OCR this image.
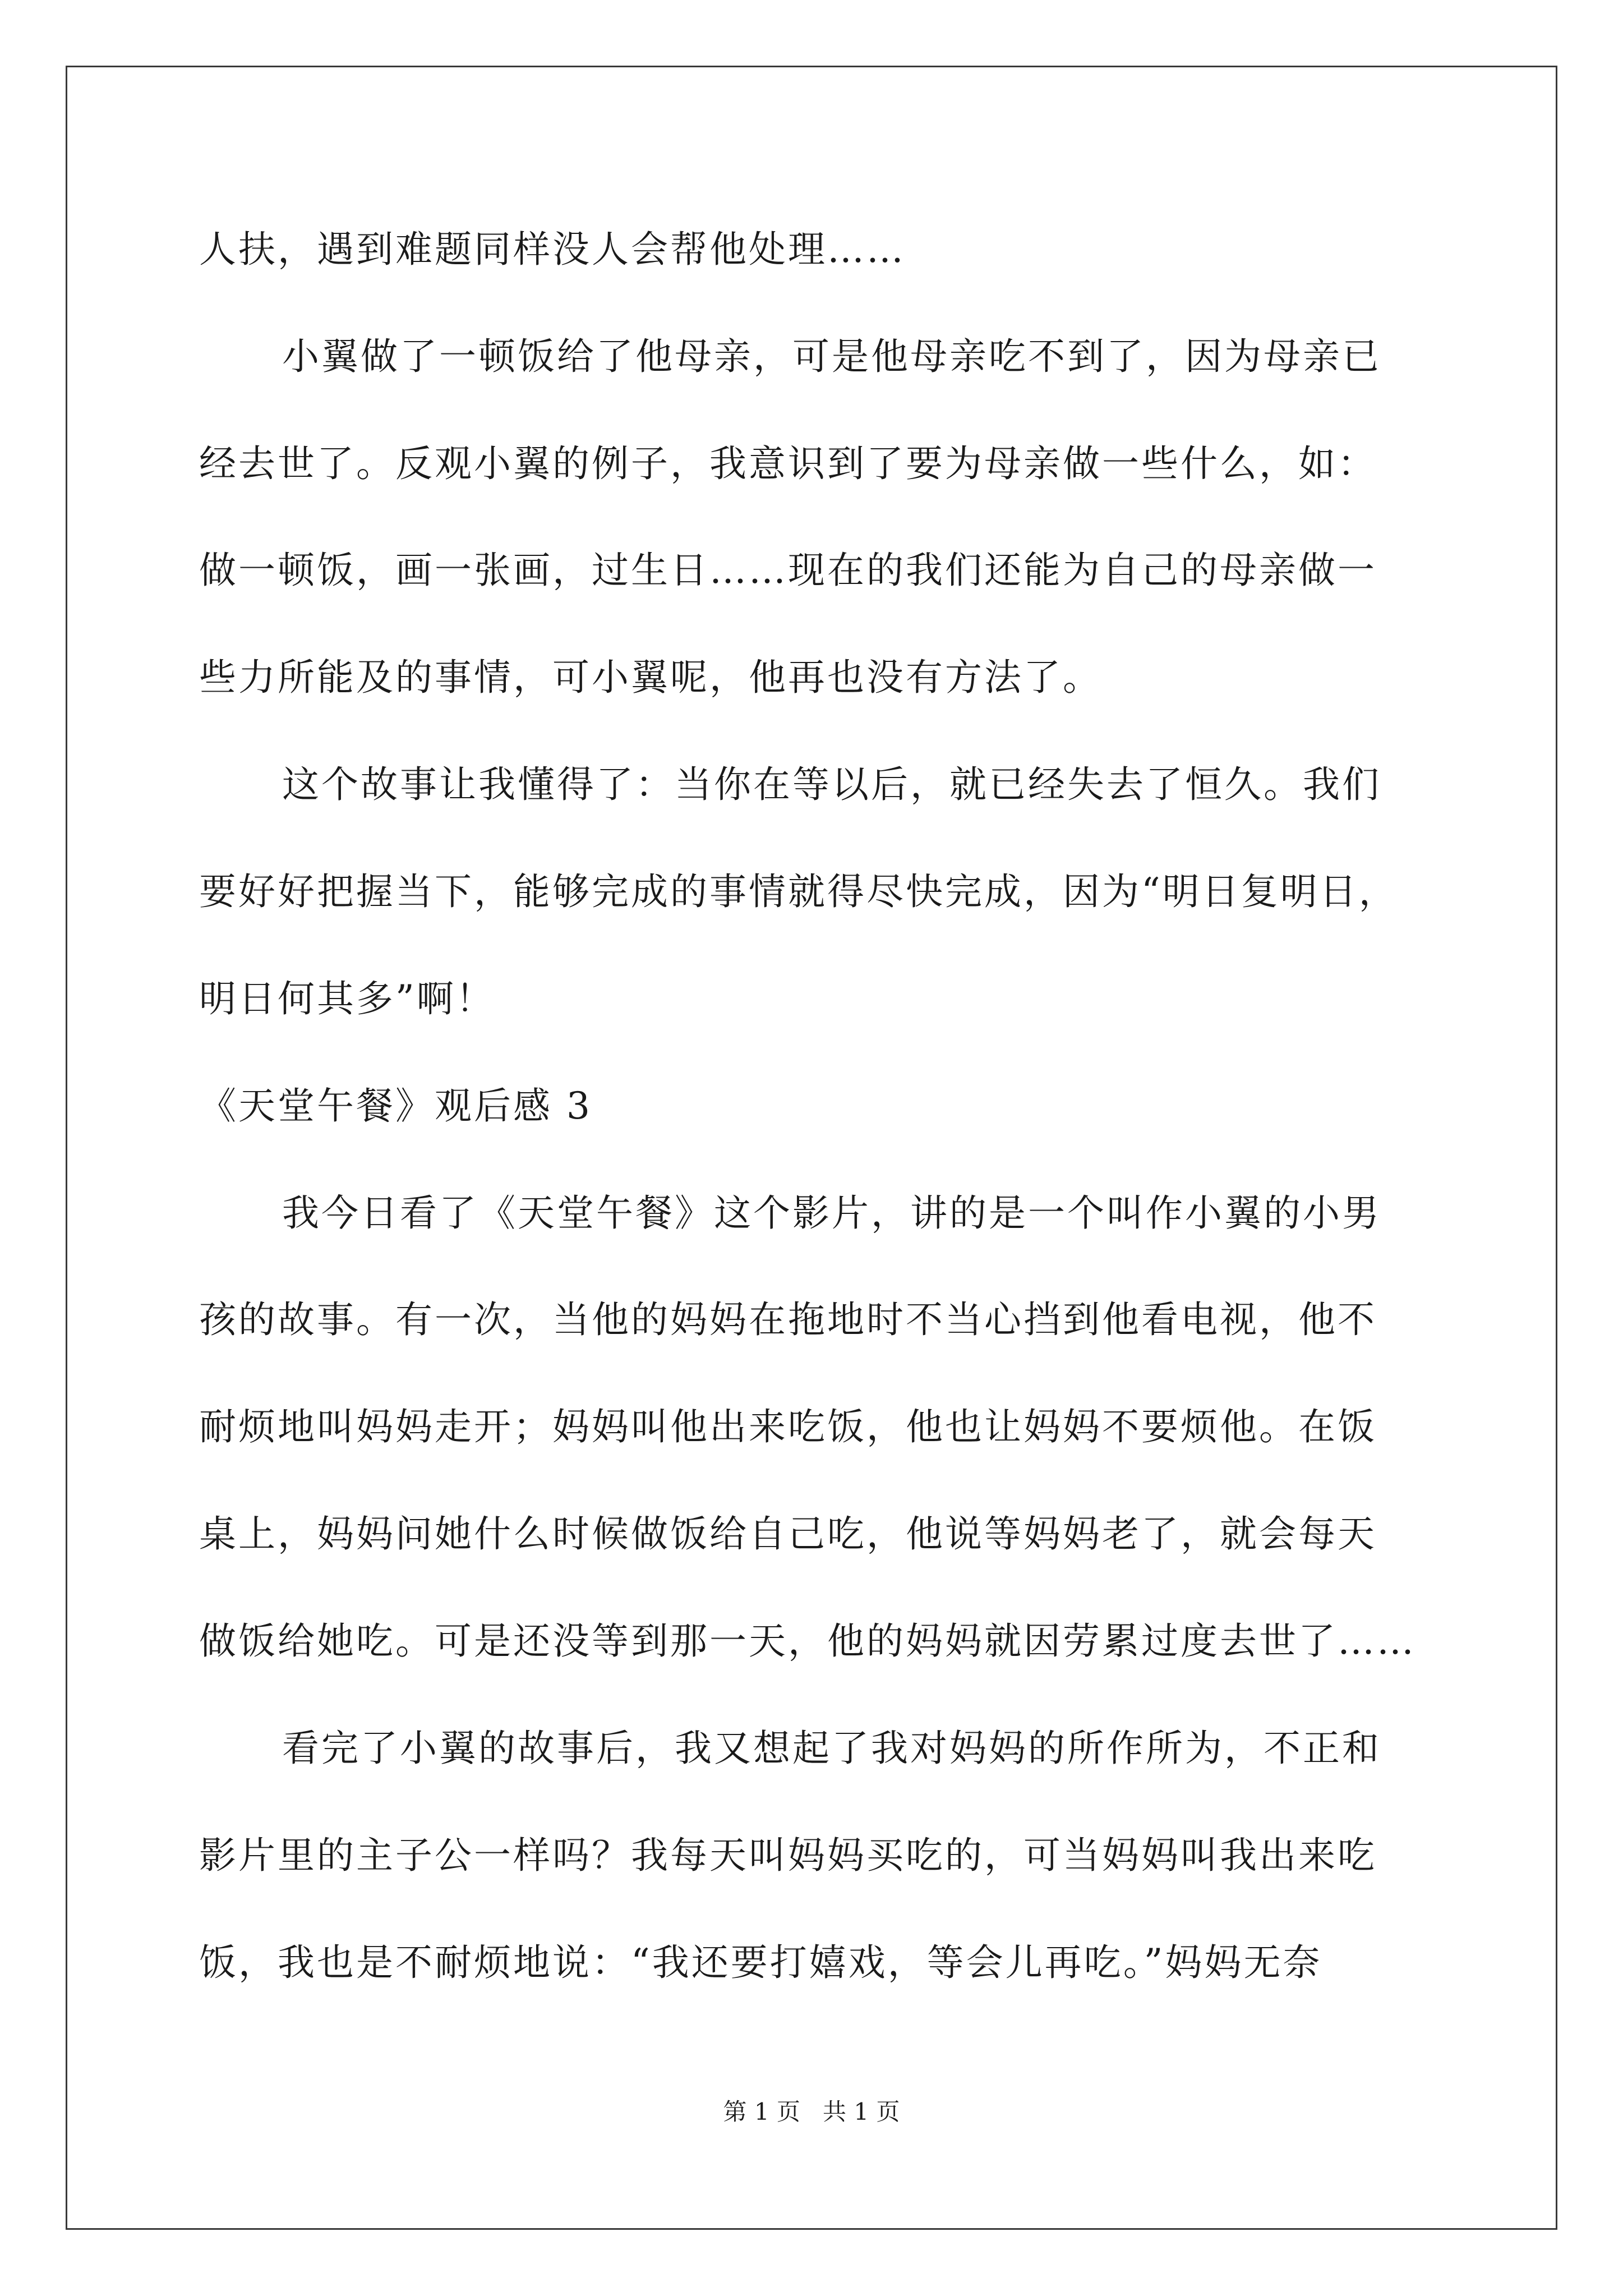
人扶，遇到难题同样没人会帮他处理……
小翼做了一顿饭给了他母亲，可是他母亲吃不到了，因为母亲已
经去世了。反观小翼的例子，我意识到了要为母亲做一些什么，如：
做一顿饭，画一张画，过生日……现在的我们还能为自己的母亲做一
些力所能及的事情，可小翼呢，他再也没有方法了。
这个故事让我懂得了：当你在等以后，就已经失去了恒久。我们
要好好把握当下，能够完成的事情就得尽快完成，因为“明日复明日，
明日何其多”啊！
《天堂午餐》观后感 3
我今日看了《天堂午餐》这个影片，讲的是一个叫作小翼的小男
孩的故事。有一次，当他的妈妈在拖地时不当心挡到他看电视，他不
耐烦地叫妈妈走开；妈妈叫他出来吃饭，他也让妈妈不要烦他。在饭
桌上，妈妈问她什么时候做饭给自己吃，他说等妈妈老了，就会每天
做饭给她吃。可是还没等到那一天，他的妈妈就因劳累过度去世了……
看完了小翼的故事后，我又想起了我对妈妈的所作所为，不正和
影片里的主子公一样吗？我每天叫妈妈买吃的，可当妈妈叫我出来吃
饭，我也是不耐烦地说：“我还要打嬉戏，等会儿再吃。”妈妈无奈
第 1 页   共 1 页
